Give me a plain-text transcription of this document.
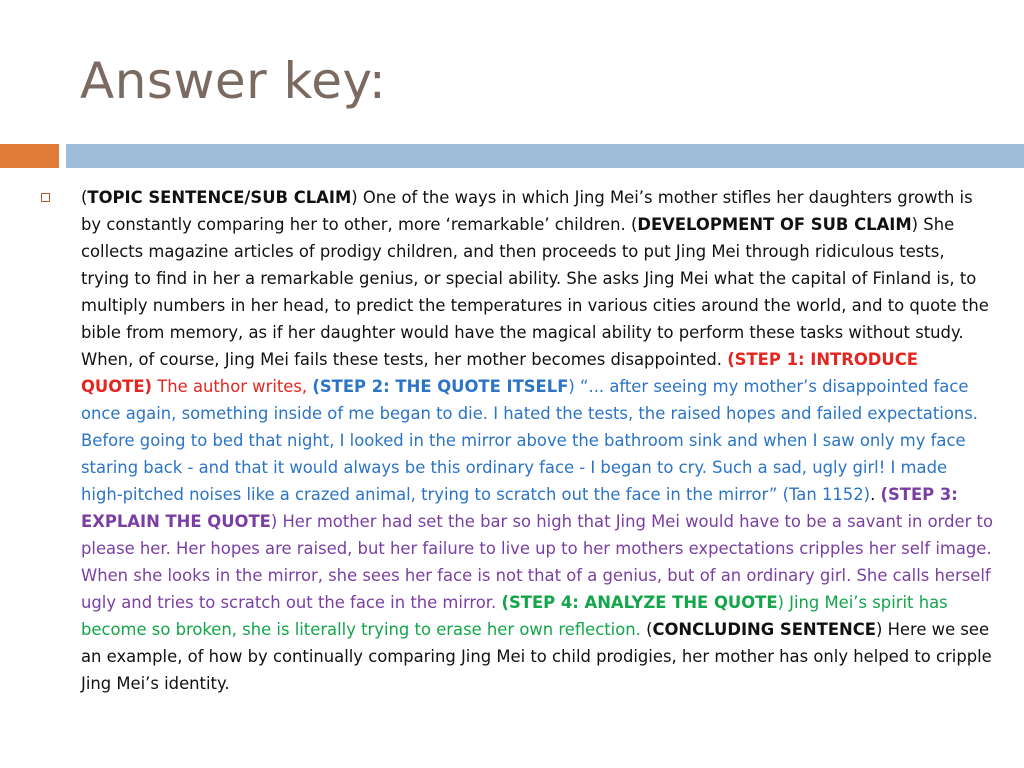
Answer key:
(TOPIC SENTENCE/SUB CLAIM) One of the ways in which Jing Mei’s mother stifles her daughters growth is by constantly comparing her to other, more ‘remarkable’ children. (DEVELOPMENT OF SUB CLAIM) She collects magazine articles of prodigy children, and then proceeds to put Jing Mei through ridiculous tests, trying to find in her a remarkable genius, or special ability. She asks Jing Mei what the capital of Finland is, to multiply numbers in her head, to predict the temperatures in various cities around the world, and to quote the bible from memory, as if her daughter would have the magical ability to perform these tasks without study. When, of course, Jing Mei fails these tests, her mother becomes disappointed. (STEP 1: INTRODUCE QUOTE) The author writes, (STEP 2: THE QUOTE ITSELF) “... after seeing my mother’s disappointed face once again, something inside of me began to die. I hated the tests, the raised hopes and failed expectations. Before going to bed that night, I looked in the mirror above the bathroom sink and when I saw only my face staring back - and that it would always be this ordinary face - I began to cry. Such a sad, ugly girl! I made high-pitched noises like a crazed animal, trying to scratch out the face in the mirror” (Tan 1152). (STEP 3: EXPLAIN THE QUOTE) Her mother had set the bar so high that Jing Mei would have to be a savant in order to please her. Her hopes are raised, but her failure to live up to her mothers expectations cripples her self image. When she looks in the mirror, she sees her face is not that of a genius, but of an ordinary girl. She calls herself ugly and tries to scratch out the face in the mirror. (STEP 4: ANALYZE THE QUOTE) Jing Mei’s spirit has become so broken, she is literally trying to erase her own reflection. (CONCLUDING SENTENCE) Here we see an example, of how by continually comparing Jing Mei to child prodigies, her mother has only helped to cripple Jing Mei’s identity.
